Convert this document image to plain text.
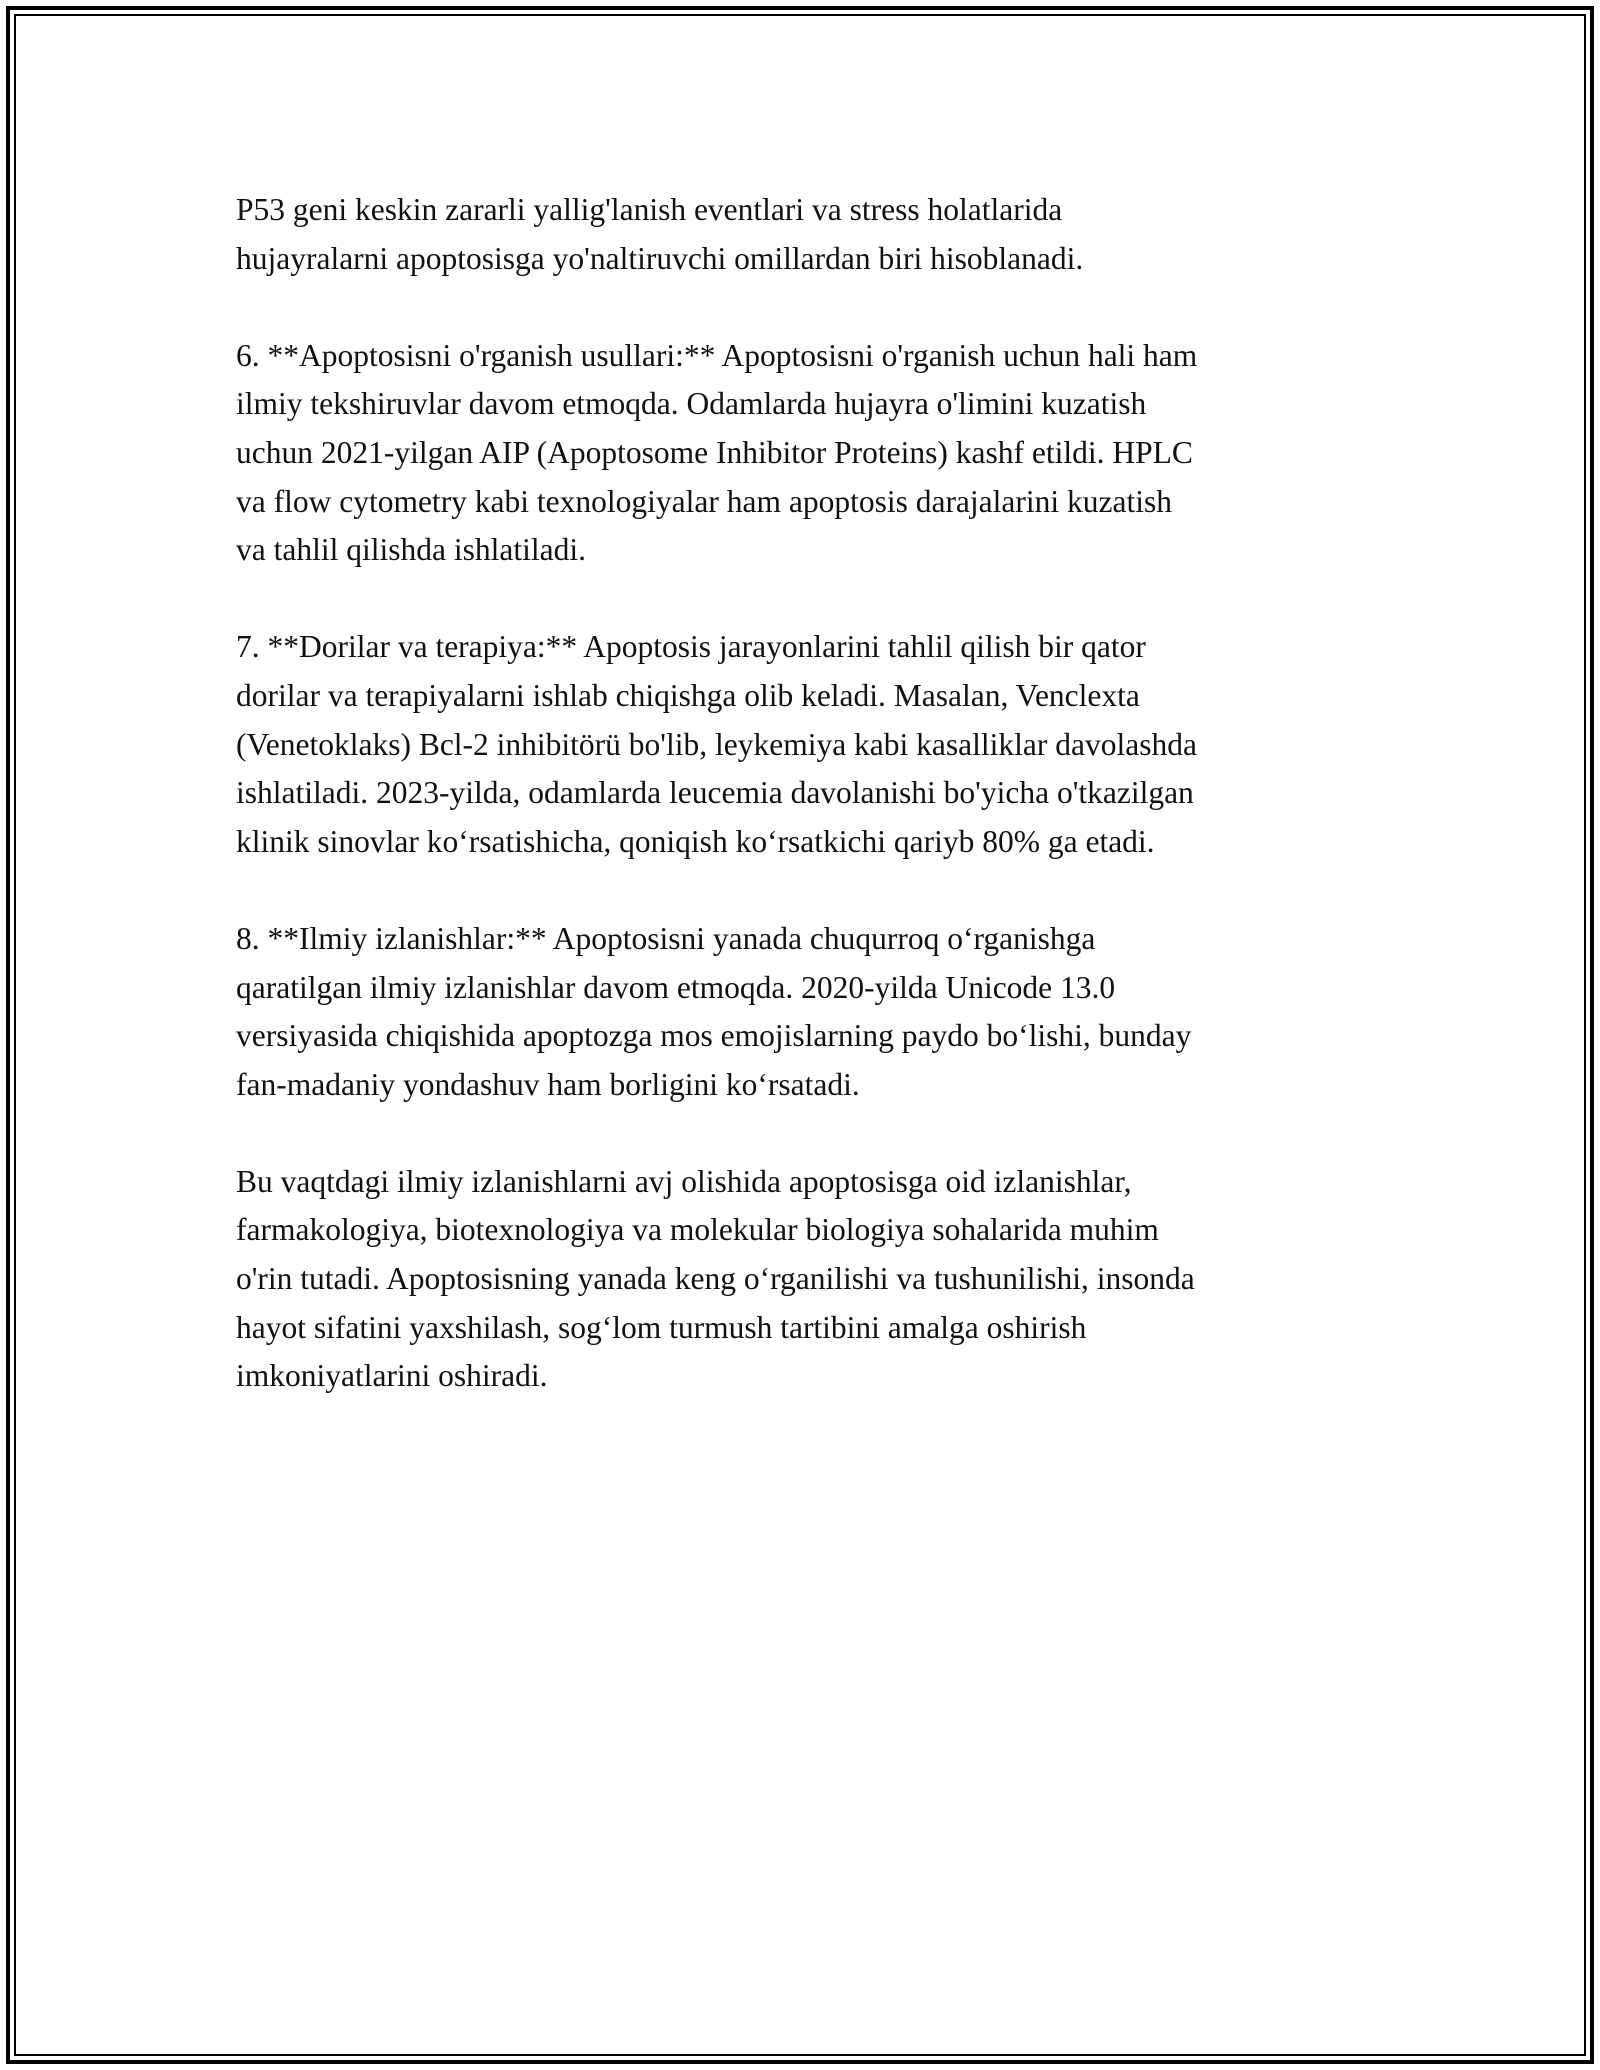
P53 geni keskin zararli yallig'lanish eventlari va stress holatlarida
hujayralarni apoptosisga yo'naltiruvchi omillardan biri hisoblanadi.

6. **Apoptosisni o'rganish usullari:** Apoptosisni o'rganish uchun hali ham
ilmiy tekshiruvlar davom etmoqda. Odamlarda hujayra o'limini kuzatish
uchun 2021-yilgan AIP (Apoptosome Inhibitor Proteins) kashf etildi. HPLC
va flow cytometry kabi texnologiyalar ham apoptosis darajalarini kuzatish
va tahlil qilishda ishlatiladi.

7. **Dorilar va terapiya:** Apoptosis jarayonlarini tahlil qilish bir qator
dorilar va terapiyalarni ishlab chiqishga olib keladi. Masalan, Venclexta
(Venetoklaks) Bcl-2 inhibitörü bo'lib, leykemiya kabi kasalliklar davolashda
ishlatiladi. 2023-yilda, odamlarda leucemia davolanishi bo'yicha o'tkazilgan
klinik sinovlar koʻrsatishicha, qoniqish koʻrsatkichi qariyb 80% ga etadi.

8. **Ilmiy izlanishlar:** Apoptosisni yanada chuqurroq oʻrganishga
qaratilgan ilmiy izlanishlar davom etmoqda. 2020-yilda Unicode 13.0
versiyasida chiqishida apoptozga mos emojislarning paydo boʻlishi, bunday
fan-madaniy yondashuv ham borligini koʻrsatadi.

Bu vaqtdagi ilmiy izlanishlarni avj olishida apoptosisga oid izlanishlar,
farmakologiya, biotexnologiya va molekular biologiya sohalarida muhim
o'rin tutadi. Apoptosisning yanada keng oʻrganilishi va tushunilishi, insonda
hayot sifatini yaxshilash, sogʻlom turmush tartibini amalga oshirish
imkoniyatlarini oshiradi.
